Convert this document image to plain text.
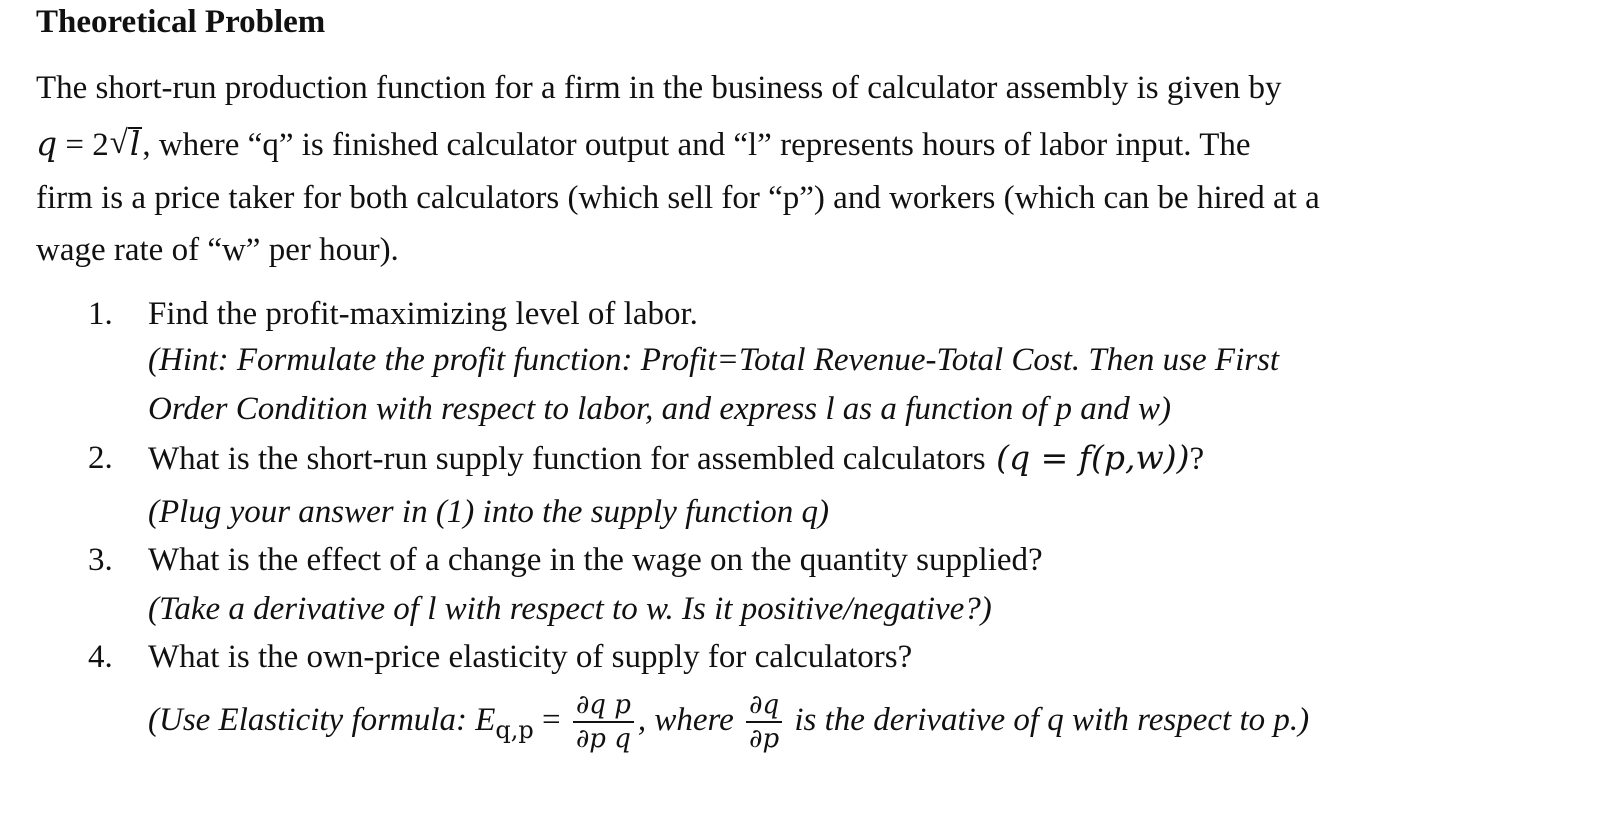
Theoretical Problem
The short-run production function for a firm in the business of calculator assembly is given by
q = 2 √ l, where “q” is finished calculator output and “l” represents hours of labor input. The
firm is a price taker for both calculators (which sell for “p”) and workers (which can be hired at a
wage rate of “w” per hour).
1. Find the profit-maximizing level of labor.
(Hint: Formulate the profit function: Profit=Total Revenue-Total Cost. Then use First
Order Condition with respect to labor, and express l as a function of p and w)
2. What is the short-run supply function for assembled calculators (q = f(p,w))?
(Plug your answer in (1) into the supply function q)
3. What is the effect of a change in the wage on the quantity supplied?
(Take a derivative of l with respect to w. Is it positive/negative?)
4. What is the own-price elasticity of supply for calculators?
(Use Elasticity formula: $E_{q,p} = \frac{\text{∂q p}}{\text{∂p q}}$ , where $\frac{\partial q}{\partial p}$ is the derivative of q with respect to p.)
